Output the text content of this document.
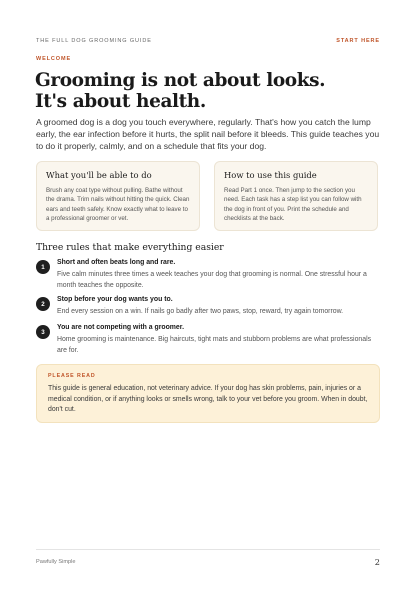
THE FULL DOG GROOMING GUIDE	START HERE
WELCOME
Grooming is not about looks.
It's about health.

A groomed dog is a dog you touch everywhere, regularly. That's how you catch the lump early, the ear infection before it hurts, the split nail before it bleeds. This guide teaches you to do it properly, calmly, and on a schedule that fits your dog.

What you'll be able to do

Brush any coat type without pulling. Bathe without the drama. Trim nails without hitting the quick. Clean ears and teeth safely. Know exactly what to leave to a professional groomer or vet.

How to use this guide

Read Part 1 once. Then jump to the section you need. Each task has a step list you can follow with the dog in front of you. Print the schedule and checklists at the back.

Three rules that make everything easier
1
Short and often beats long and rare.
Five calm minutes three times a week teaches your dog that grooming is normal. One stressful hour a month teaches the opposite.
2
Stop before your dog wants you to.
End every session on a win. If nails go badly after two paws, stop, reward, try again tomorrow.
3
You are not competing with a groomer.
Home grooming is maintenance. Big haircuts, tight mats and stubborn problems are what professionals are for.
PLEASE READ
This guide is general education, not veterinary advice. If your dog has skin problems, pain, injuries or a medical condition, or if anything looks or smells wrong, talk to your vet before you groom. When in doubt, don't cut.
Pawfully Simple	2
